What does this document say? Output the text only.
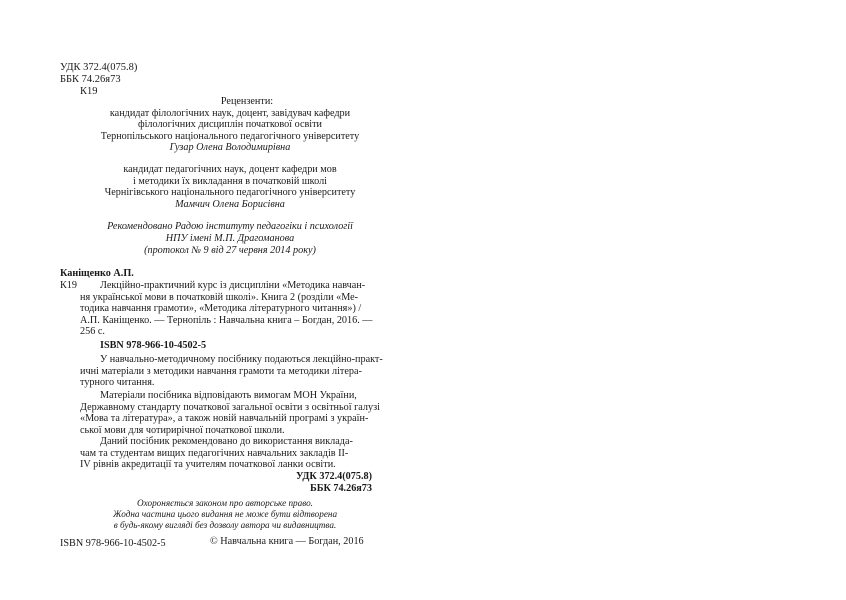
УДК 372.4(075.8)
ББК 74.26я73
К19
Рецензенти:
кандидат філологічних наук, доцент, завідувач кафедри
філологічних дисциплін початкової освіти
Тернопільського національного педагогічного університету
Гузар Олена Володимирівна
кандидат педагогічних наук, доцент кафедри мов
і методики їх викладання в початковій школі
Чернігівського національного педагогічного університету
Мамчич Олена Борисівна
Рекомендовано Радою інституту педагогіки і психології
НПУ імені М.П. Драгоманова
(протокол № 9 від 27 червня 2014 року)
Каніщенко А.П.
К19	Лекційно-практичний курс із дисципліни «Методика навчан-
ня української мови в початковій школі». Книга 2 (розділи «Ме-
тодика навчання грамоти», «Методика літературного читання») /
А.П. Каніщенко. — Тернопіль : Навчальна книга – Богдан, 2016. —
256 с.
ISBN 978-966-10-4502-5
У навчально-методичному посібнику подаються лекційно-практ-
ичні матеріали з методики навчання грамоти та методики літера-
турного читання.
Матеріали посібника відповідають вимогам МОН України,
Державному стандарту початкової загальної освіти з освітньої галузі
«Мова та література», а також новій навчальній програмі з україн-
ської мови для чотирирічної початкової школи.
Даний посібник рекомендовано до використання виклада-
чам та студентам вищих педагогічних навчальних закладів ІІ-
ІV рівнів акредитації та учителям початкової ланки освіти.
УДК 372.4(075.8)
ББК 74.26я73
Охороняється законом про авторське право.
Жодна частина цього видання не може бути відтворена
в будь-якому вигляді без дозволу автора чи видавництва.
ISBN 978-966-10-4502-5	© Навчальна книга — Богдан, 2016
